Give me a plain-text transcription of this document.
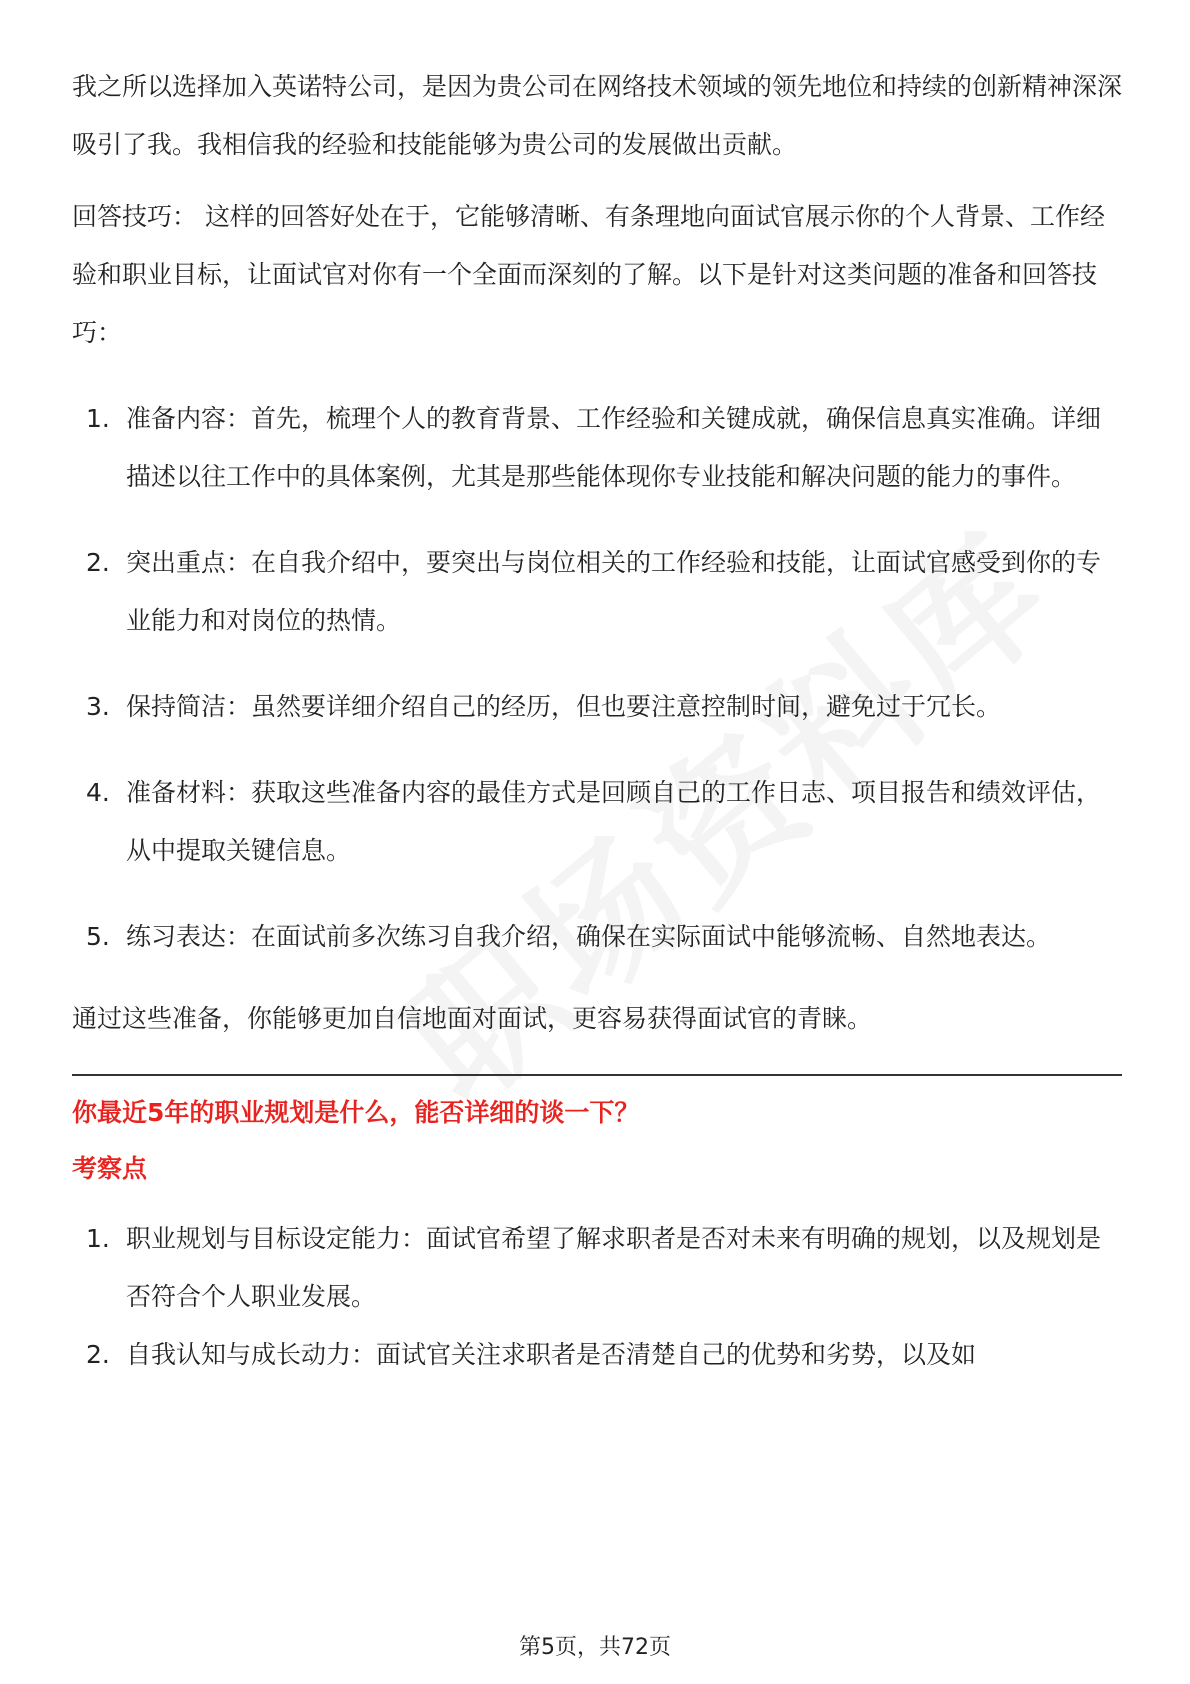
我之所以选择加入英诺特公司，是因为贵公司在网络技术领域的领先地位和持续的创新精神深深吸引了我。我相信我的经验和技能能够为贵公司的发展做出贡献。

回答技巧： 这样的回答好处在于，它能够清晰、有条理地向面试官展示你的个人背景、工作经验和职业目标，让面试官对你有一个全面而深刻的了解。以下是针对这类问题的准备和回答技巧：

1. 准备内容：首先，梳理个人的教育背景、工作经验和关键成就，确保信息真实准确。详细描述以往工作中的具体案例，尤其是那些能体现你专业技能和解决问题的能力的事件。
2. 突出重点：在自我介绍中，要突出与岗位相关的工作经验和技能，让面试官感受到你的专业能力和对岗位的热情。
3. 保持简洁：虽然要详细介绍自己的经历，但也要注意控制时间，避免过于冗长。
4. 准备材料：获取这些准备内容的最佳方式是回顾自己的工作日志、项目报告和绩效评估，从中提取关键信息。
5. 练习表达：在面试前多次练习自我介绍，确保在实际面试中能够流畅、自然地表达。

通过这些准备，你能够更加自信地面对面试，更容易获得面试官的青睐。

你最近5年的职业规划是什么，能否详细的谈一下？

考察点

1. 职业规划与目标设定能力：面试官希望了解求职者是否对未来有明确的规划，以及规划是否符合个人职业发展。
2. 自我认知与成长动力：面试官关注求职者是否清楚自己的优势和劣势，以及如
第5页，共72页
